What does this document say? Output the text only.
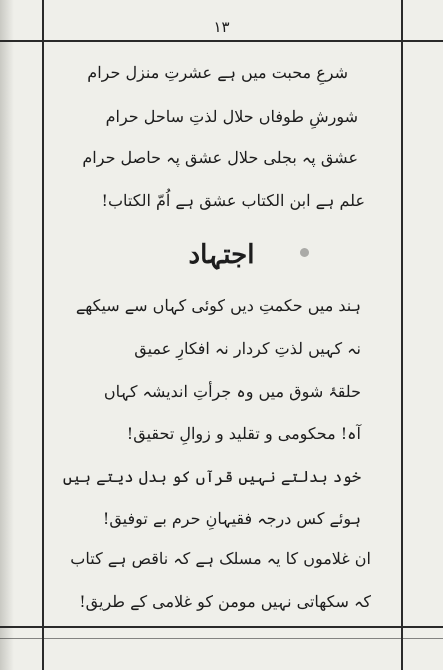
١٣
شرعِ محبت میں ہے عشرتِ منزل حرام
شورشِ طوفاں حلال لذتِ ساحل حرام
عشق پہ بجلی حلال عشق پہ حاصل حرام
علم ہے ابن الکتاب عشق ہے اُمّ الکتاب!
اجتہاد
ہند میں حکمتِ دیں کوئی کہاں سے سیکھے
نہ کہیں لذتِ کردار نہ افکارِ عمیق
حلقۂ شوق میں وہ جرأتِ اندیشہ کہاں
آہ! محکومی و تقلید و زوالِ تحقیق!
خود بدلتے نہیں قرآں کو بدل دیتے ہیں
ہوئے کس درجہ فقیہانِ حرم بے توفیق!
ان غلاموں کا یہ مسلک ہے کہ ناقص ہے کتاب
کہ سکھاتی نہیں مومن کو غلامی کے طریق!
